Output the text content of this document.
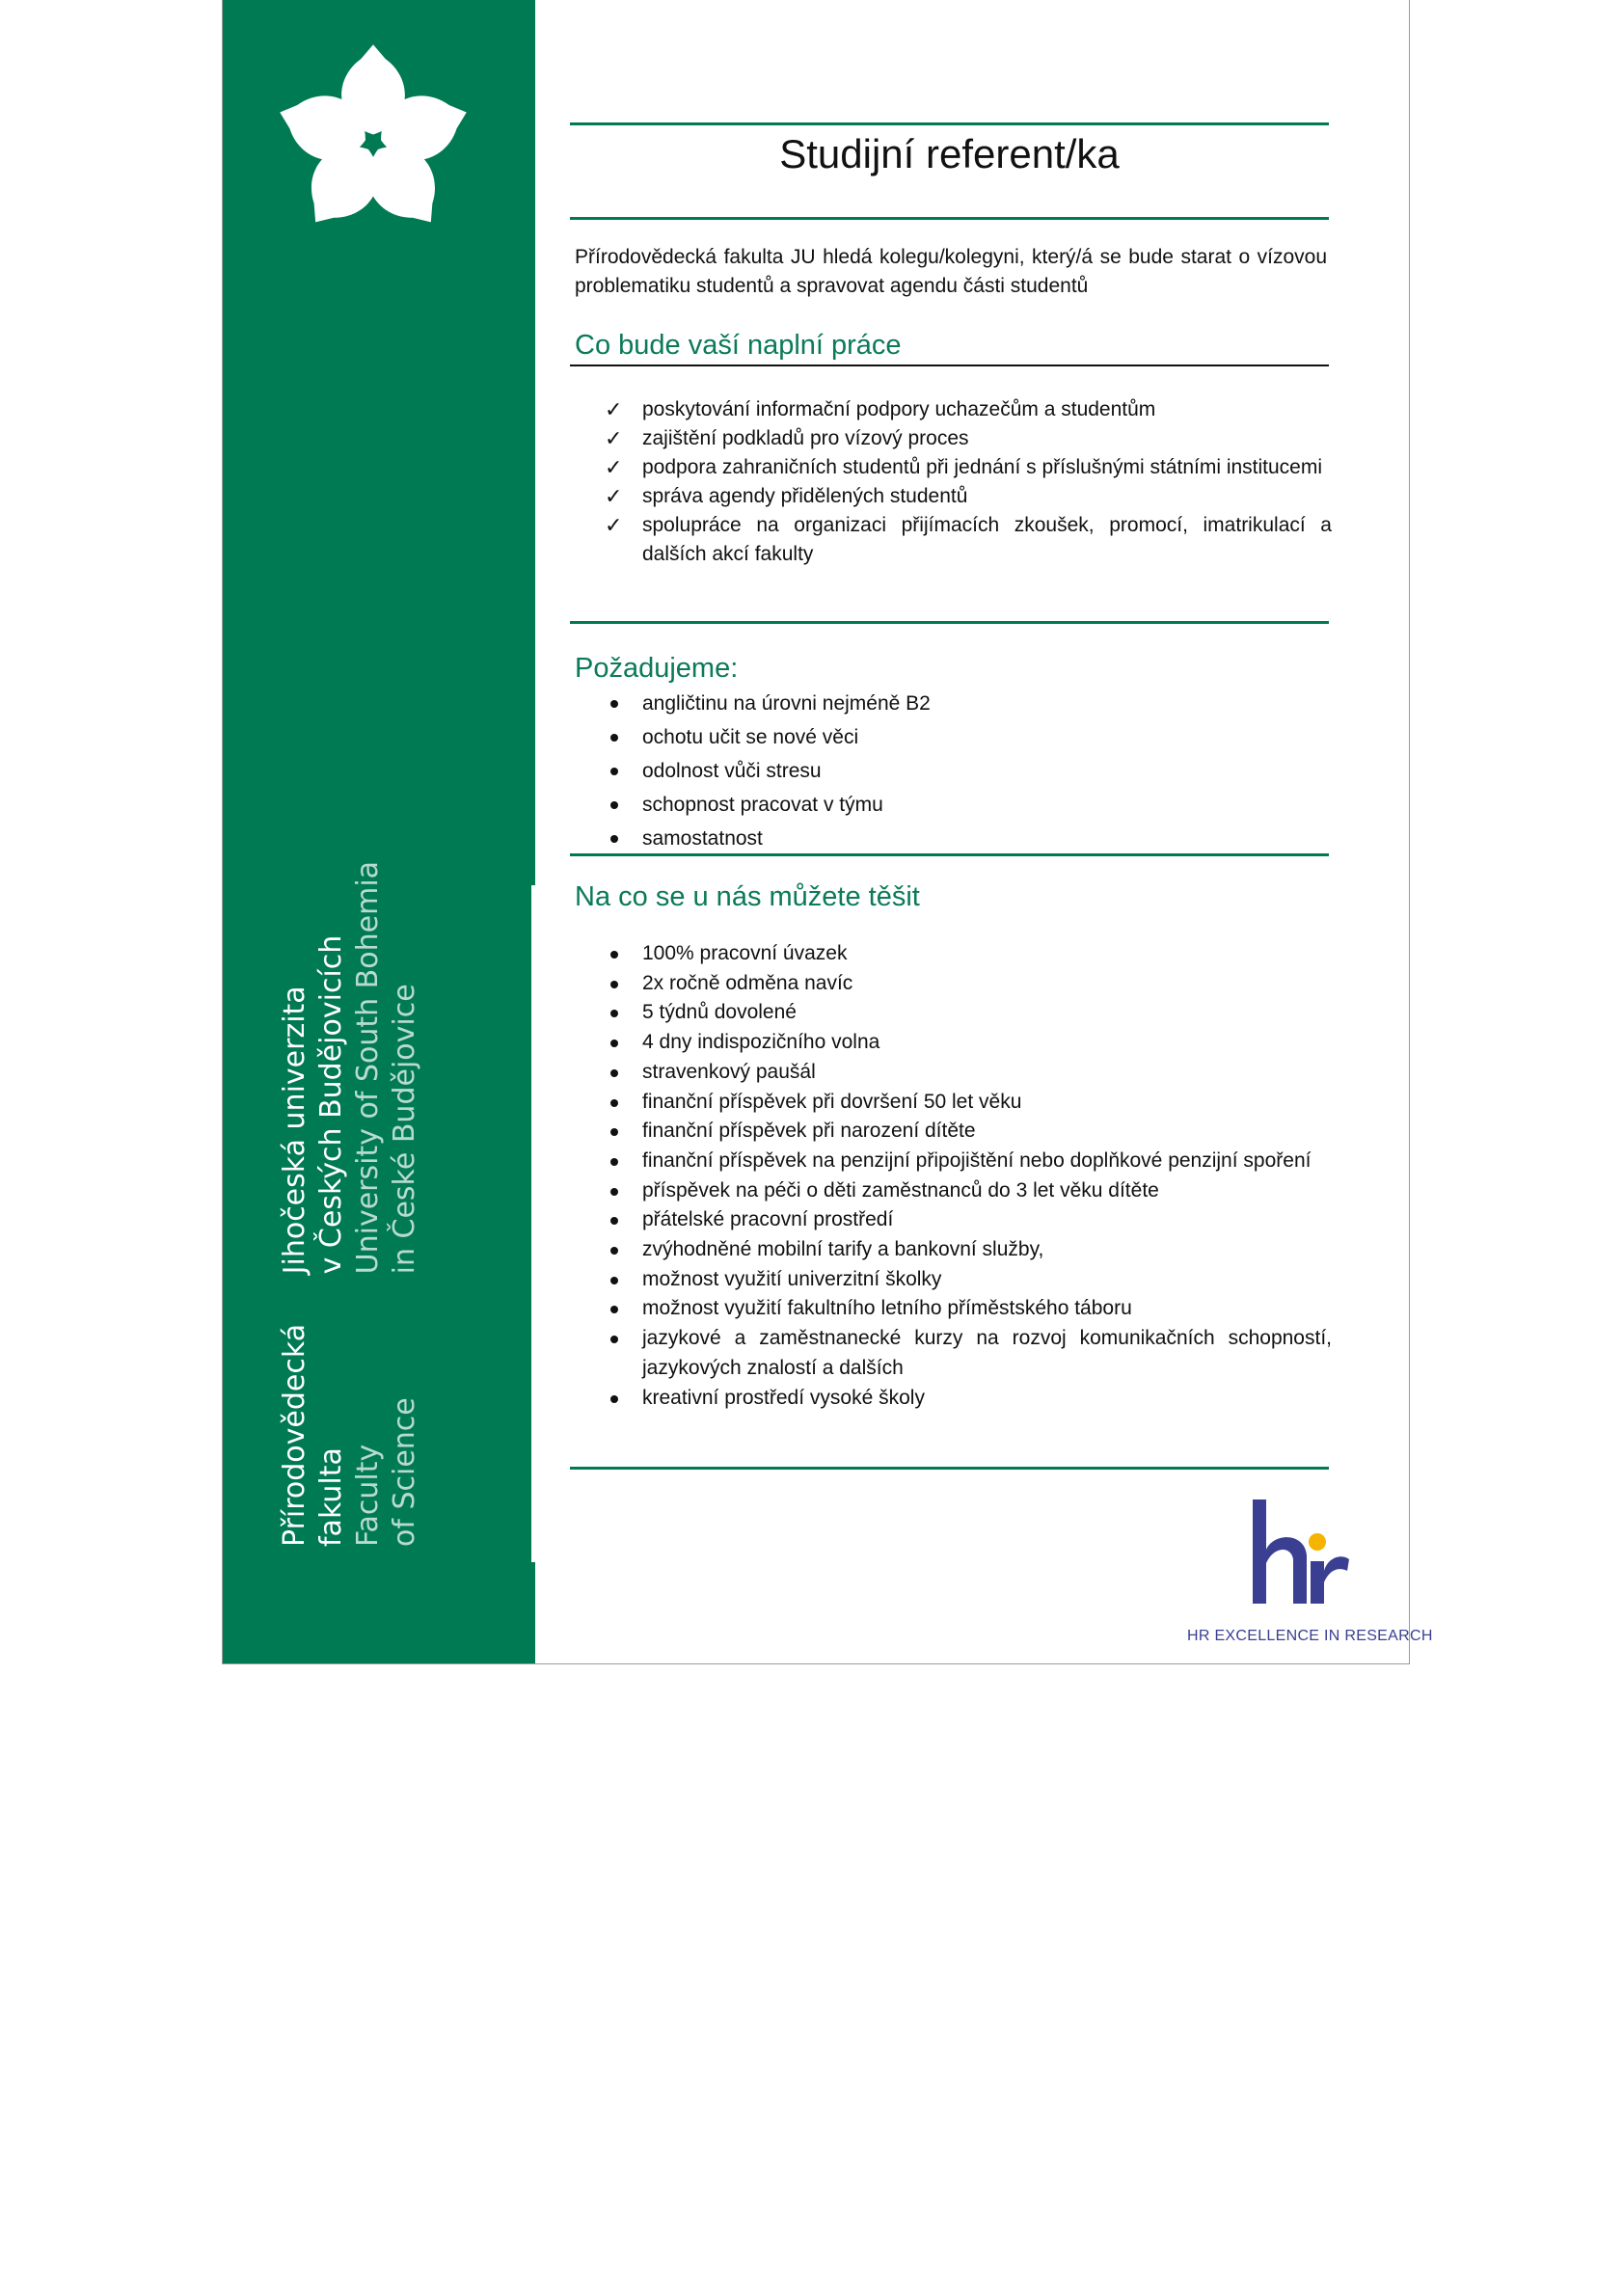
Přírodovědecká fakulta Faculty of Science

Jihočeská univerzita v Českých Budějovicích University of South Bohemia in České Budějovice
Studijní referent/ka

Přírodovědecká fakulta JU hledá kolegu/kolegyni, který/á se bude starat o vízovou problematiku studentů a spravovat agendu části studentů

Co bude vaší naplní práce
✓ poskytování informační podpory uchazečům a studentům
✓ zajištění podkladů pro vízový proces
✓ podpora zahraničních studentů při jednání s příslušnými státními institucemi
✓ správa agendy přidělených studentů
✓ spolupráce na organizaci přijímacích zkoušek, promocí, imatrikulací a dalších akcí fakulty
Požadujeme:
angličtinu na úrovni nejméně B2
ochotu učit se nové věci
odolnost vůči stresu
schopnost pracovat v týmu
samostatnost
Na co se u nás můžete těšit
100% pracovní úvazek
2x ročně odměna navíc
5 týdnů dovolené
4 dny indispozičního volna
stravenkový paušál
finanční příspěvek při dovršení 50 let věku
finanční příspěvek při narození dítěte
finanční příspěvek na penzijní připojištění nebo doplňkové penzijní spoření
příspěvek na péči o děti zaměstnanců do 3 let věku dítěte
přátelské pracovní prostředí
zvýhodněné mobilní tarify a bankovní služby,
možnost využití univerzitní školky
možnost využití fakultního letního příměstského táboru
jazykové a zaměstnanecké kurzy na rozvoj komunikačních schopností, jazykových znalostí a dalších
kreativní prostředí vysoké školy
HR EXCELLENCE IN RESEARCH
